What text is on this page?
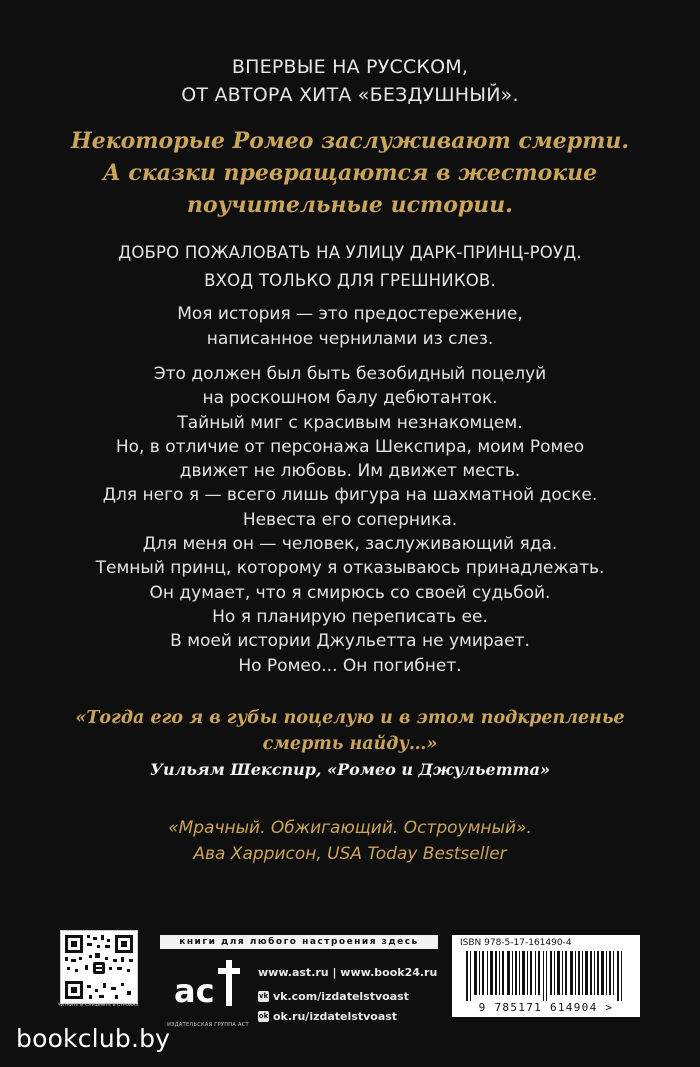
ВПЕРВЫЕ НА РУССКОМ,
ОТ АВТОРА ХИТА «БЕЗДУШНЫЙ».
Некоторые Ромео заслуживают смерти.
А сказки превращаются в жестокие
поучительные истории.
ДОБРО ПОЖАЛОВАТЬ НА УЛИЦУ ДАРК-ПРИНЦ-РОУД.
ВХОД ТОЛЬКО ДЛЯ ГРЕШНИКОВ.
Моя история — это предостережение,
написанное чернилами из слез.
Это должен был быть безобидный поцелуй
на роскошном балу дебютанток.
Тайный миг с красивым незнакомцем.
Но, в отличие от персонажа Шекспира, моим Ромео
движет не любовь. Им движет месть.
Для него я — всего лишь фигура на шахматной доске.
Невеста его соперника.
Для меня он — человек, заслуживающий яда.
Темный принц, которому я отказываюсь принадлежать.
Он думает, что я смирюсь со своей судьбой.
Но я планирую переписать ее.
В моей истории Джульетта не умирает.
Но Ромео... Он погибнет.
«Тогда его я в губы поцелую и в этом подкрепленье
смерть найду…»
Уильям Шекспир, «Ромео и Джульетта»
«Мрачный. Обжигающий. Остроумный».
Ава Харрисон, USA Today Bestseller
ЧИТАЙТЕ И СЛУШАЙТЕ В СТРОКАХ
книги для любого настроения здесь
ac
ИЗДАТЕЛЬСКАЯ ГРУППА АСТ
www.ast.ru | www.book24.ru
vk vk.com/izdatelstvoast
ok ok.ru/izdatelstvoast
ISBN 978-5-17-161490-4
9 785171 614904 >
bookclub.by
